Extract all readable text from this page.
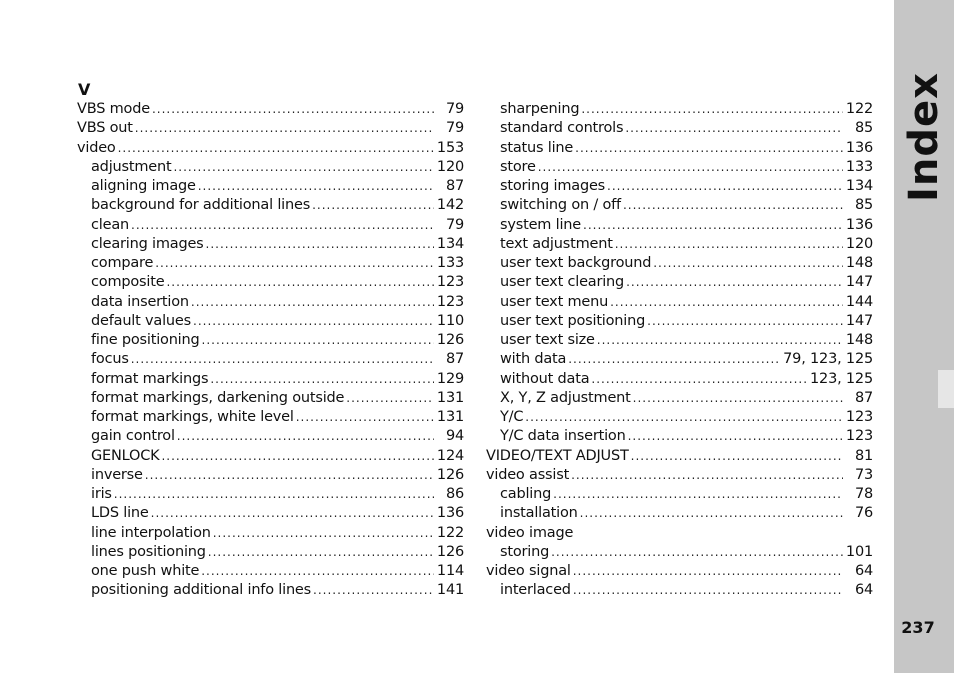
Index
237
V
VBS mode .....	79
VBS out .....	79
video .....	153
adjustment .....	120
aligning image .....	87
background for additional lines .....	142
clean .....	79
clearing images .....	134
compare .....	133
composite .....	123
data insertion .....	123
default values .....	110
fine positioning .....	126
focus .....	87
format markings .....	129
format markings, darkening outside .....	131
format markings, white level .....	131
gain control .....	94
GENLOCK .....	124
inverse .....	126
iris .....	86
LDS line .....	136
line interpolation .....	122
lines positioning .....	126
one push white .....	114
positioning additional info lines .....	141
sharpening .....	122
standard controls .....	85
status line .....	136
store .....	133
storing images .....	134
switching on / off .....	85
system line .....	136
text adjustment .....	120
user text background .....	148
user text clearing .....	147
user text menu .....	144
user text positioning .....	147
user text size .....	148
with data .....	79, 123, 125
without data .....	123, 125
X, Y, Z adjustment .....	87
Y/C .....	123
Y/C data insertion .....	123
VIDEO/TEXT ADJUST .....	81
video assist .....	73
cabling .....	78
installation .....	76
video image
storing .....	101
video signal .....	64
interlaced .....	64
